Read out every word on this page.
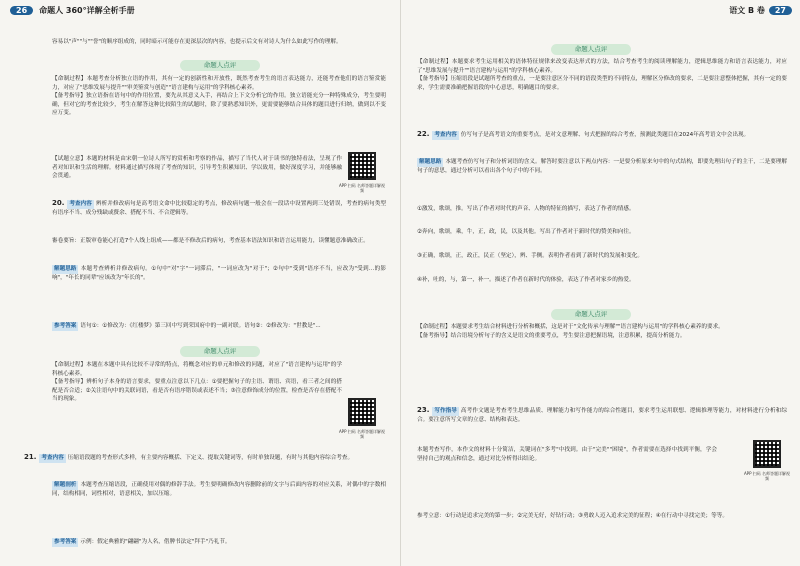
26 命题人 360°详解全析手册
容易以"声""与""誉"的顺序组成的，同时暗示可能存在更深层次的内容，也提示后文有对诗人为什么如此写作的理解。
命题人点评
【命制过程】本题考查分析独立语的作用，其有一定的创新性和开放性，既然考查考生的语言表达能力，还能考查他们的语言鉴赏能力，对应了"思维发展与提升""审美鉴赏与创造""语言建构与运用"的学科核心素养。
【备考指导】独立语指在语句中的作用位置，要先从其意义入手，再结合上下文分析它的作用。独立语能充分一种特殊成分，考生要明确，但对它的考查比较少，考生在解答这种比较陌生的试题时，除了要熟悉知识外，更需要能够结合具体的题目进行归纳，做到以不变应万变。
【试题立意】本题的材料是由宋朝一位诗人所写的赏析和考察的作品，描写了当代人对于读书的独特看法，呈现了作者对知识和生活的理解。材料通过描写体现了考查的知识，引导考生积累知识、学以致用，做好深度学习，并能够融会贯通。
APP 扫码 名师答题详解视频
20. 考查内容 辨析并修改病句是高考语文命中比较稳定的考点，修改病句题一般会在一段话中设置两到三处错误，考查的病句类型有语序不当、成分残缺或赘余、搭配不当、不合逻辑等。
審卷要旨：正版审卷能心打造7个人线上组成——都是不修改后的病句，考查基本语法知识和语言运用能力，读懂题意准确改正。
解题思路 本题考查辨析并修改病句。①句中"对"字"一词滞后，"一词应改为"对于"；②句中"受到"语序不当，应改为"受到...的影响"，"年长的同辈"应该改为"年长的"。
参考答案 语句①：①修改为：《红楼梦》第三回中写到荣国府中的一副对联。语句②：②修改为："世教是"...
命题人点评
【命制过程】本题在本题中具有比较不寻常的特点，将概念对应的单元和修改的问题，对应了"语言建构与运用"的学科核心素养。
【备考指导】辨析句子本身的语言要求，要重点注意以下几点：①要把握句子的主语、谓语、宾语，看三者之间的搭配是否合适；②关注语句中的关联词语，看是否有语序错误或表述不当；③注意修饰成分的位置，检查是否存在搭配不当的现象。
APP 扫码 名师答题详解视频
21. 考查内容 压缩语段题的考查形式多样，有主要内容概括、下定义、提取关键词等，有时单独设题，有时与其他内容综合考查。
解题剖析 本题考查压缩语段，正确使用对偶的修辞手法。考生要明确修改内容删除前的文字与后面内容的对应关系，对偶中的字数相同，结构相同，词性相对，语意相关，加以压缩。
参考答案 示例：假定典雅的"翩翩"为人名，借脾书法定"拜手"乃礼节。
语文 B 卷 27
命题人点评
【命制过程】本题要求考生运用相关的语体特征规律来改变表达形式的方法，结合考查考生的阅读理解能力，逻辑思维能力和语言表达能力，对应了"思维发展与提升""语言建构与运用"的学科核心素养。
【备考指导】压缩语段是试题所考查的重点，一是要注意区分不同的语段类型的不同特点，理解区分修改的要求，二是要注意整体把握，其有一定的要求，学生需要准确把握语段的中心意思，明确题目的要求。
22. 考查内容 仿写句子是高考语文的重要考点，是对文意理解、句式把握的综合考查，预测此类题目在2024年高考语文中会出现。
解题思路 本题考查仿写句子和分析词语的含义。解答时要注意以下两点内容：一是要分析原来句中的句式结构，即要先理出句子的主干，二是要理解句子的意思，通过分析可以看出各个句子中的不同。
①激发，歌颂，推。写出了作者对时代的声音、人物的特征的描写，表达了作者的情感。
②奔向，歌颂，乘，牛，正，政，民，以及其他。写出了作者对于新时代的赞美和向往。
③正确，歌颂，正，政正，民正（坚定），辨、手侧。表明作者看到了新时代的发展和变化。
④补，吐的，与，第一，补一。描述了作者在新时代的体验，表达了作者对家乡的热爱。
命题人点评
【命制过程】本题要求考生结合材料进行分析和概括，这是对于"文化传承与理解""语言建构与运用"的学科核心素养的要求。
【备考指导】结合语境分析句子的含义是语文的重要考点，考生要注意把握语境，注意积累，提高分析能力。
23. 写作指导 高考作文题是考查考生思维品质、理解能力和写作能力的综合性题目，要求考生运用联想、逻辑推理等能力，对材料进行分析和综合。要注意所写文章的立意、结构和表达。
本题考查写作，本作文的材料十分简洁，关键词在"多考"中找到。由于"完美""困境"，作者需要在选择中找到平衡，学会坚持自己的观点和信念，通过对比分析得出结论。
APP 扫码 名师答题详解视频
参考立意：①行动是追求完美的第一步；②完美无好，好钻行动；③勇敢人迈入追求完美的征程；④在行动中寻找完美；等等。
